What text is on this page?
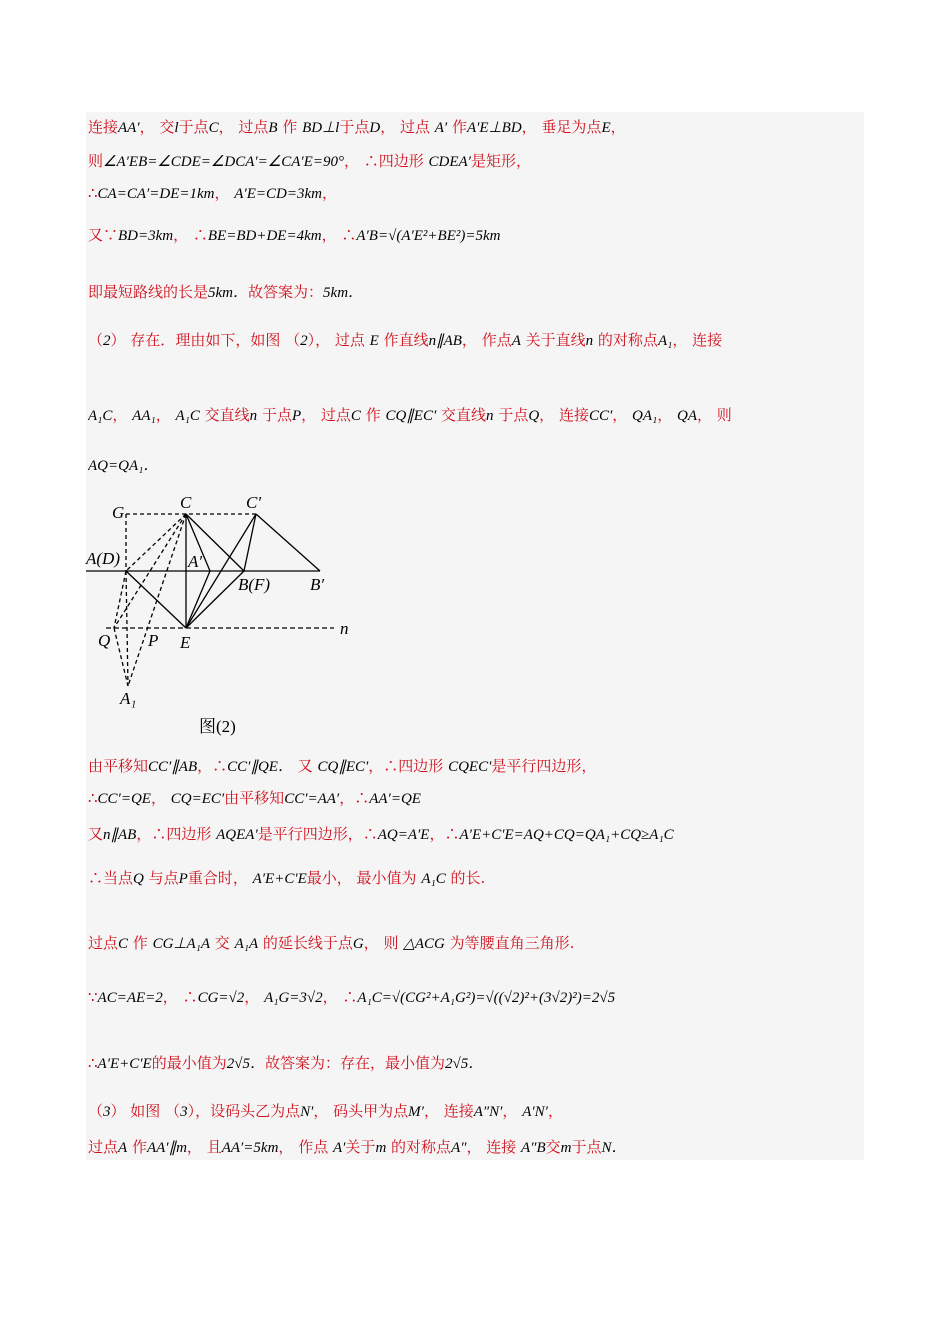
连接AA′， 交l于点C， 过点B 作 BD⊥l于点D， 过点 A′ 作A′E⊥BD， 垂足为点E，
则∠A′EB=∠CDE=∠DCA′=∠CA′E=90°， ∴四边形 CDEA′是矩形，
∴CA=CA′=DE=1km， A′E=CD=3km，
又∵BD=3km， ∴BE=BD+DE=4km， ∴A′B=√(A′E²+BE²)=5km
即最短路线的长是5km．故答案为：5km．
（2） 存在．理由如下，如图 （2）， 过点 E 作直线n∥AB， 作点A 关于直线n 的对称点A₁， 连接
A₁C， AA₁， A₁C 交直线n 于点P， 过点C 作 CQ∥EC′ 交直线n 于点Q， 连接CC′， QA₁， QA， 则
AQ=QA₁．
由平移知CC′∥AB，∴CC′∥QE． 又 CQ∥EC′，∴四边形 CQEC′是平行四边形，
∴CC′=QE， CQ=EC′由平移知CC′=AA′，∴AA′=QE
又n∥AB，∴四边形 AQEA′是平行四边形，∴AQ=A′E，∴A′E+C′E=AQ+CQ=QA₁+CQ≥A₁C
∴当点Q 与点P重合时， A′E+C′E最小， 最小值为 A₁C 的长.
过点C 作 CG⊥A₁A 交 A₁A 的延长线于点G， 则 △ACG 为等腰直角三角形.
∵AC=AE=2， ∴CG=√2， A₁G=3√2， ∴A₁C=√(CG²+A₁G²)=√((√2)²+(3√2)²)=2√5
∴A′E+C′E的最小值为2√5．故答案为：存在，最小值为2√5．
（3） 如图 （3），设码头乙为点N′， 码头甲为点M′， 连接A″N′， A′N′，
过点A 作AA′∥m， 且AA′=5km， 作点 A′关于m 的对称点A″， 连接 A″B交m于点N．
G
C	C′
A(D)	A′
B(F) B′
Q P E
n
A₁
图(2)
